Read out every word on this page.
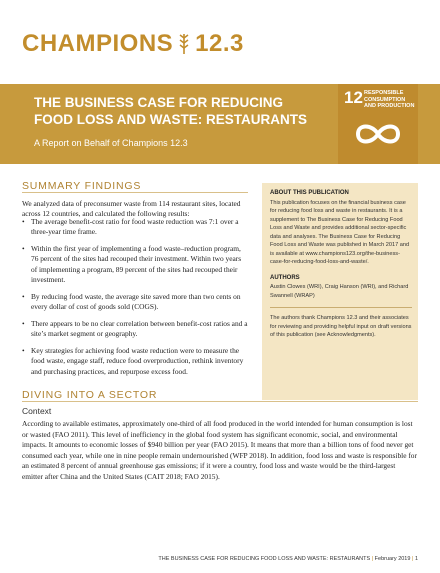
CHAMPIONS 12.3
THE BUSINESS CASE FOR REDUCING FOOD LOSS AND WASTE: RESTAURANTS
A Report on Behalf of Champions 12.3
12 RESPONSIBLE CONSUMPTION AND PRODUCTION
SUMMARY FINDINGS
We analyzed data of preconsumer waste from 114 restaurant sites, located across 12 countries, and calculated the following results:
• The average benefit-cost ratio for food waste reduction was 7:1 over a three-year time frame.
• Within the first year of implementing a food waste–reduction program, 76 percent of the sites had recouped their investment. Within two years of implementing a program, 89 percent of the sites had recouped their investment.
• By reducing food waste, the average site saved more than two cents on every dollar of cost of goods sold (COGS).
• There appears to be no clear correlation between benefit-cost ratios and a site’s market segment or geography.
• Key strategies for achieving food waste reduction were to measure the food waste, engage staff, reduce food overproduction, rethink inventory and purchasing practices, and repurpose excess food.
ABOUT THIS PUBLICATION

This publication focuses on the financial business case for reducing food loss and waste in restaurants. It is a supplement to The Business Case for Reducing Food Loss and Waste and provides additional sector-specific data and analyses. The Business Case for Reducing Food Loss and Waste was published in March 2017 and is available at www.champions123.org/the-business-case-for-reducing-food-loss-and-waste/.

AUTHORS

Austin Clowes (WRI), Craig Hanson (WRI), and Richard Swannell (WRAP)

The authors thank Champions 12.3 and their associates for reviewing and providing helpful input on draft versions of this publication (see Acknowledgments).

DIVING INTO A SECTOR
Context
According to available estimates, approximately one-third of all food produced in the world intended for human consumption is lost or wasted (FAO 2011). This level of inefficiency in the global food system has significant economic, social, and environmental impacts. It amounts to economic losses of $940 billion per year (FAO 2015). It means that more than a billion tons of food never get consumed each year, while one in nine people remain undernourished (WFP 2018). In addition, food loss and waste is responsible for an estimated 8 percent of annual greenhouse gas emissions; if it were a country, food loss and waste would be the third-largest emitter after China and the United States (CAIT 2018; FAO 2015).
THE BUSINESS CASE FOR REDUCING FOOD LOSS AND WASTE: RESTAURANTS | February 2019 | 1
